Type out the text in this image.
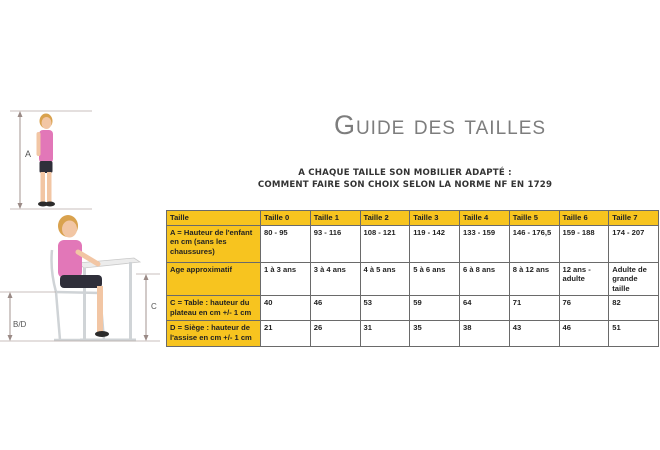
Guide des tailles
A CHAQUE TAILLE SON MOBILIER ADAPTÉ :
COMMENT FAIRE SON CHOIX SELON LA NORME NF EN 1729
A
B/D
C
Taille	Taille 0	Taille 1	Taille 2	Taille 3	Taille 4	Taille 5	Taille 6	Taille 7
A = Hauteur de l'enfant en cm (sans les chaussures)	80 - 95	93 - 116	108 - 121	119 - 142	133 - 159	146 - 176,5	159 - 188	174 - 207
Age approximatif	1 à 3 ans	3 à 4 ans	4 à 5 ans	5 à 6 ans	6 à 8 ans	8 à 12 ans	12 ans - adulte	Adulte de grande taille
C = Table : hauteur du plateau en cm +/- 1 cm	40	46	53	59	64	71	76	82
D = Siège : hauteur de l'assise en cm +/- 1 cm	21	26	31	35	38	43	46	51
